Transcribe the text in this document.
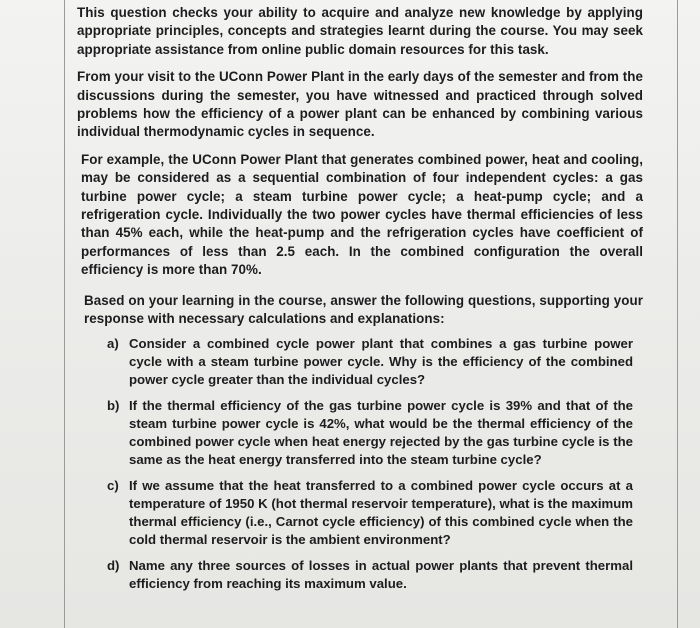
This question checks your ability to acquire and analyze new knowledge by applying appropriate principles, concepts and strategies learnt during the course. You may seek appropriate assistance from online public domain resources for this task.

From your visit to the UConn Power Plant in the early days of the semester and from the discussions during the semester, you have witnessed and practiced through solved problems how the efficiency of a power plant can be enhanced by combining various individual thermodynamic cycles in sequence.

For example, the UConn Power Plant that generates combined power, heat and cooling, may be considered as a sequential combination of four independent cycles: a gas turbine power cycle; a steam turbine power cycle; a heat-pump cycle; and a refrigeration cycle. Individually the two power cycles have thermal efficiencies of less than 45% each, while the heat-pump and the refrigeration cycles have coefficient of performances of less than 2.5 each. In the combined configuration the overall efficiency is more than 70%.

Based on your learning in the course, answer the following questions, supporting your response with necessary calculations and explanations:

a) Consider a combined cycle power plant that combines a gas turbine power cycle with a steam turbine power cycle. Why is the efficiency of the combined power cycle greater than the individual cycles?
b) If the thermal efficiency of the gas turbine power cycle is 39% and that of the steam turbine power cycle is 42%, what would be the thermal efficiency of the combined power cycle when heat energy rejected by the gas turbine cycle is the same as the heat energy transferred into the steam turbine cycle?
c) If we assume that the heat transferred to a combined power cycle occurs at a temperature of 1950 K (hot thermal reservoir temperature), what is the maximum thermal efficiency (i.e., Carnot cycle efficiency) of this combined cycle when the cold thermal reservoir is the ambient environment?
d) Name any three sources of losses in actual power plants that prevent thermal efficiency from reaching its maximum value.
